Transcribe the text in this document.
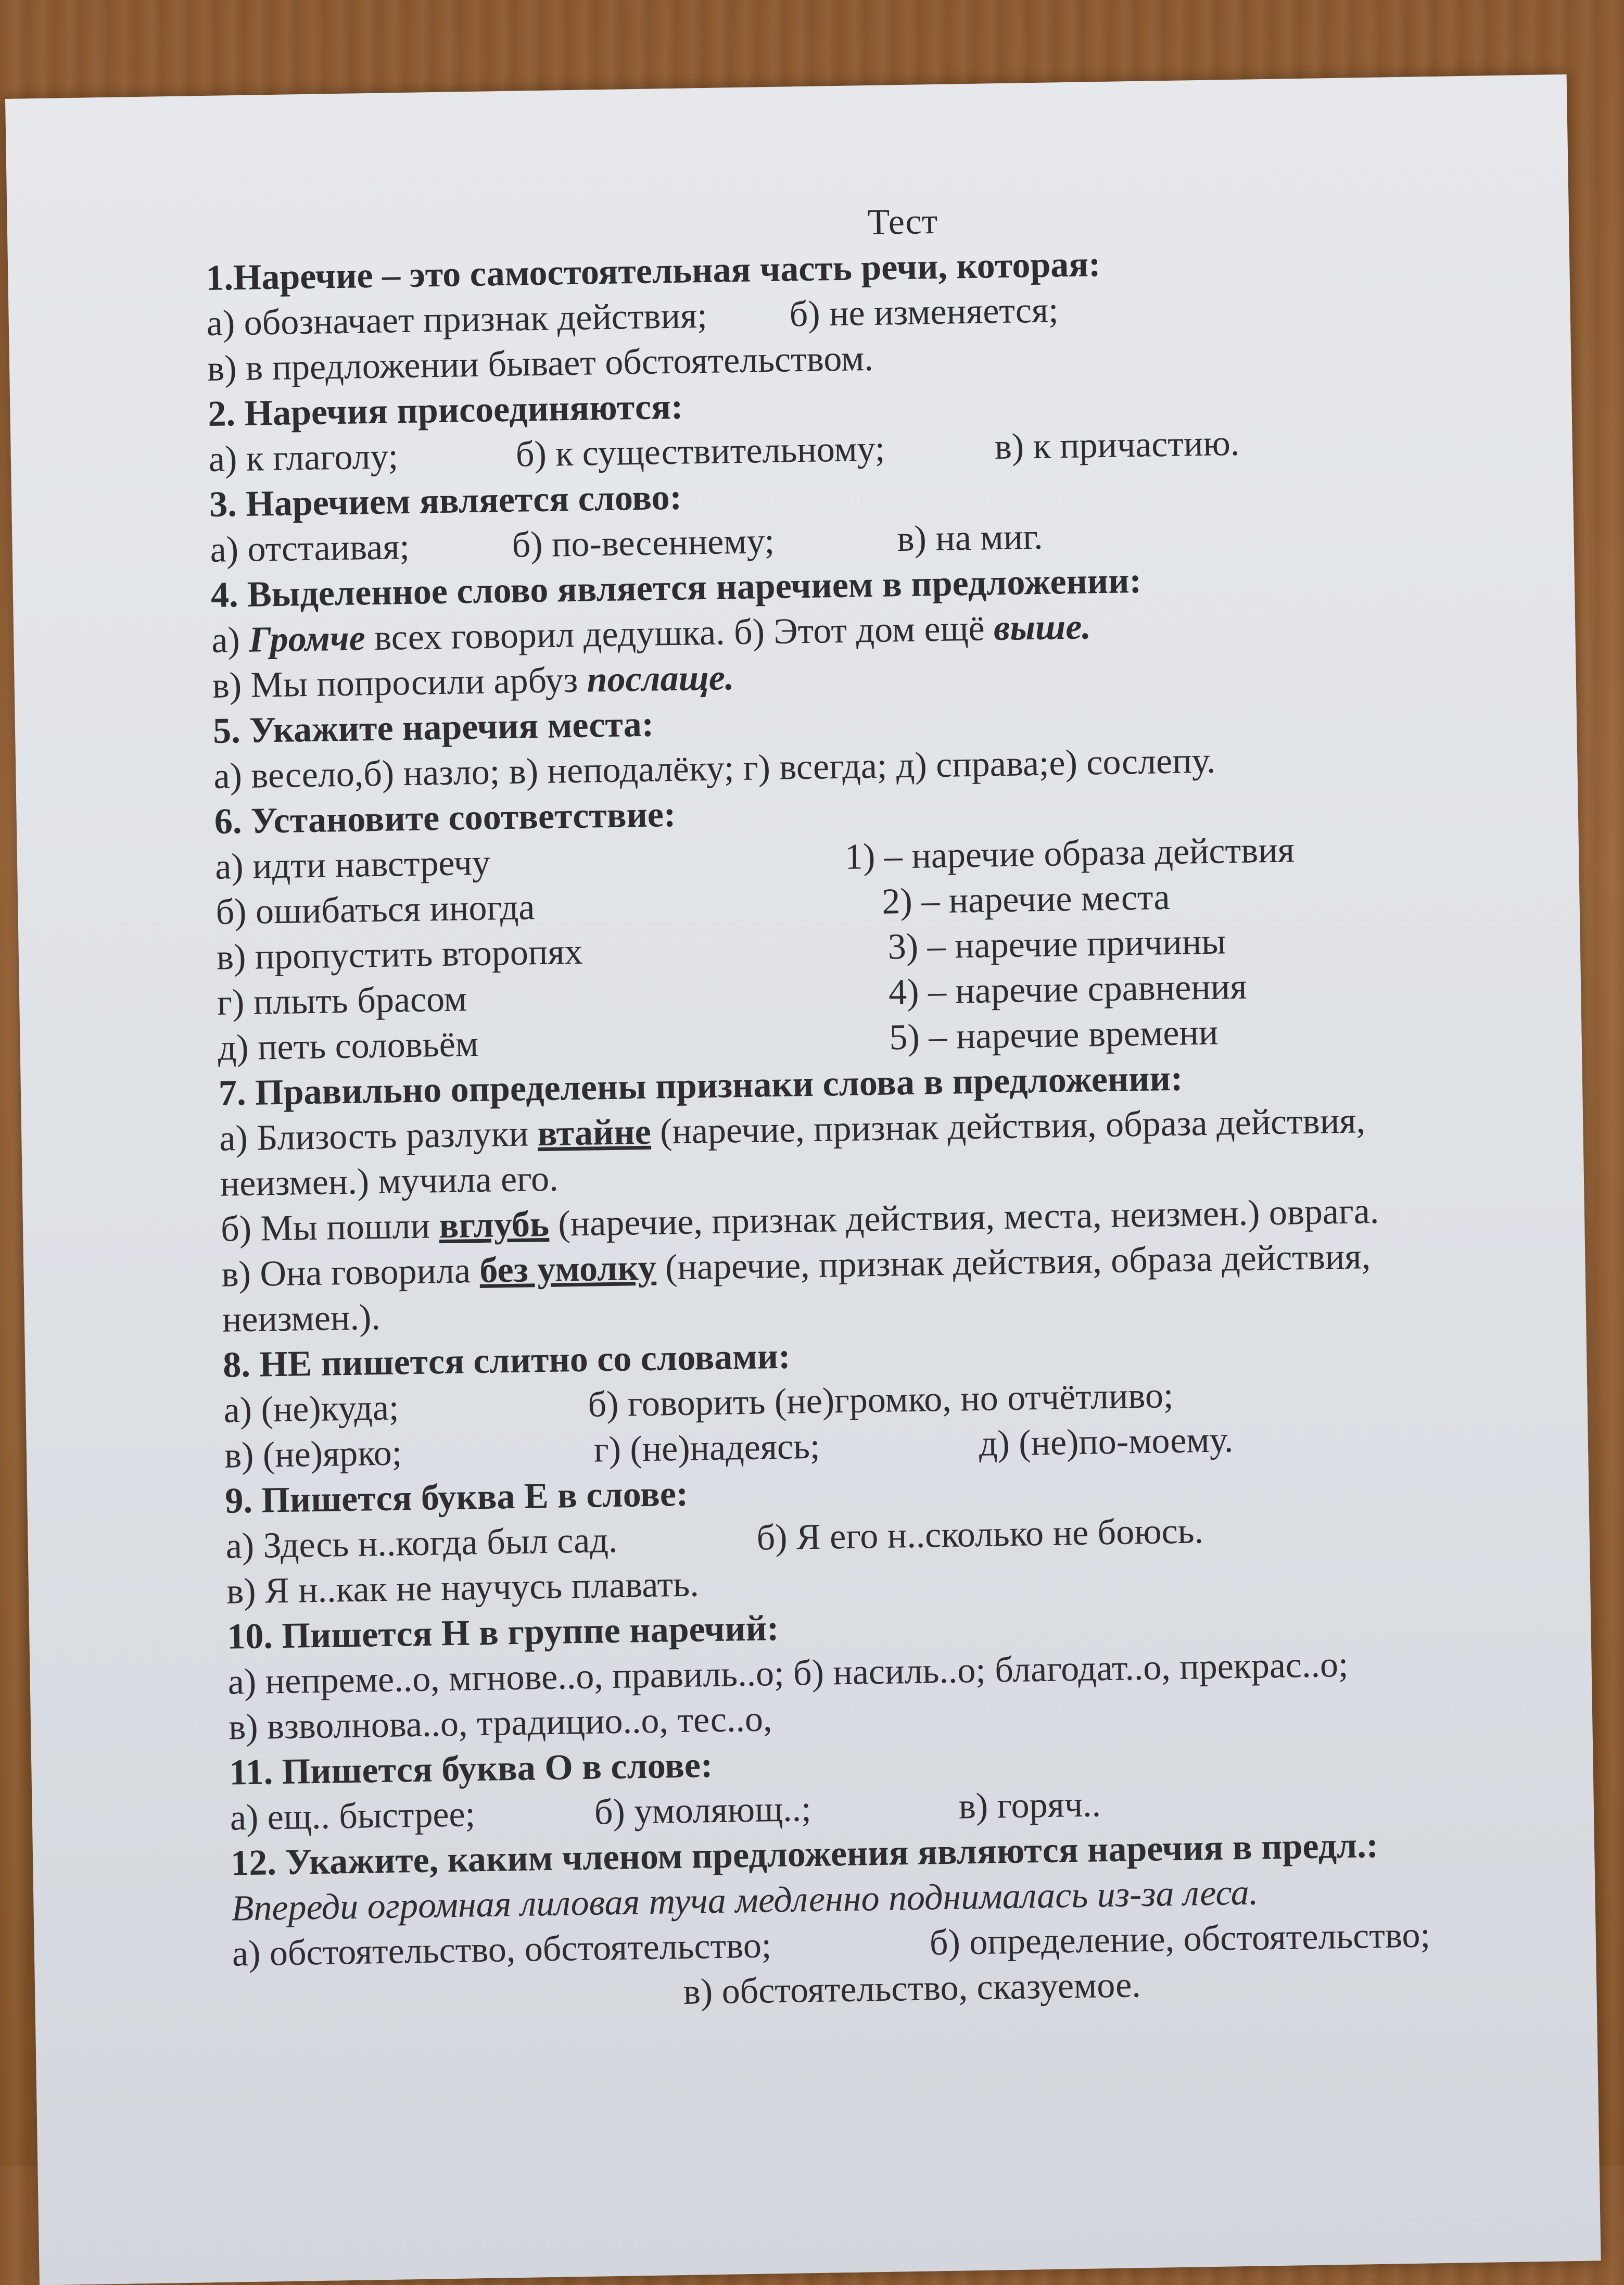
Тест
1.Наречие – это самостоятельная часть речи, которая:
а) обозначает признак действия; б) не изменяется;
в) в предложении бывает обстоятельством.
2. Наречия присоединяются:
а) к глаголу;	б) к существительному;	в) к причастию.
3. Наречием является слово:
а) отстаивая;	б) по-весеннему;	в) на миг.
4. Выделенное слово является наречием в предложении:
а) Громче всех говорил дедушка. б) Этот дом ещё выше.
в) Мы попросили арбуз послаще.
5. Укажите наречия места:
а) весело,б) назло; в) неподалёку; г) всегда; д) справа;е) сослепу.
6. Установите соответствие:
а) идти навстречу	1) – наречие образа действия
б) ошибаться иногда	2) – наречие места
в) пропустить второпях	3) – наречие причины
г) плыть брасом	4) – наречие сравнения
д) петь соловьём	5) – наречие времени
7. Правильно определены признаки слова в предложении:
а) Близость разлуки втайне (наречие, признак действия, образа действия,
неизмен.) мучила его.
б) Мы пошли вглубь (наречие, признак действия, места, неизмен.) оврага.
в) Она говорила без умолку (наречие, признак действия, образа действия,
неизмен.).
8. НЕ пишется слитно со словами:
а) (не)куда;	б) говорить (не)громко, но отчётливо;
в) (не)ярко;	г) (не)надеясь;	д) (не)по-моему.
9. Пишется буква Е в слове:
а) Здесь н..когда был сад.	б) Я его н..сколько не боюсь.
в) Я н..как не научусь плавать.
10. Пишется Н в группе наречий:
а) непреме..о, мгнове..о, правиль..о; б) насиль..о; благодат..о, прекрас..о;
в) взволнова..о, традицио..о, тес..о,
11. Пишется буква О в слове:
а) ещ.. быстрее;	б) умоляющ..;	в) горяч..
12. Укажите, каким членом предложения являются наречия в предл.:
Впереди огромная лиловая туча медленно поднималась из-за леса.
а) обстоятельство, обстоятельство;	б) определение, обстоятельство;
в) обстоятельство, сказуемое.
